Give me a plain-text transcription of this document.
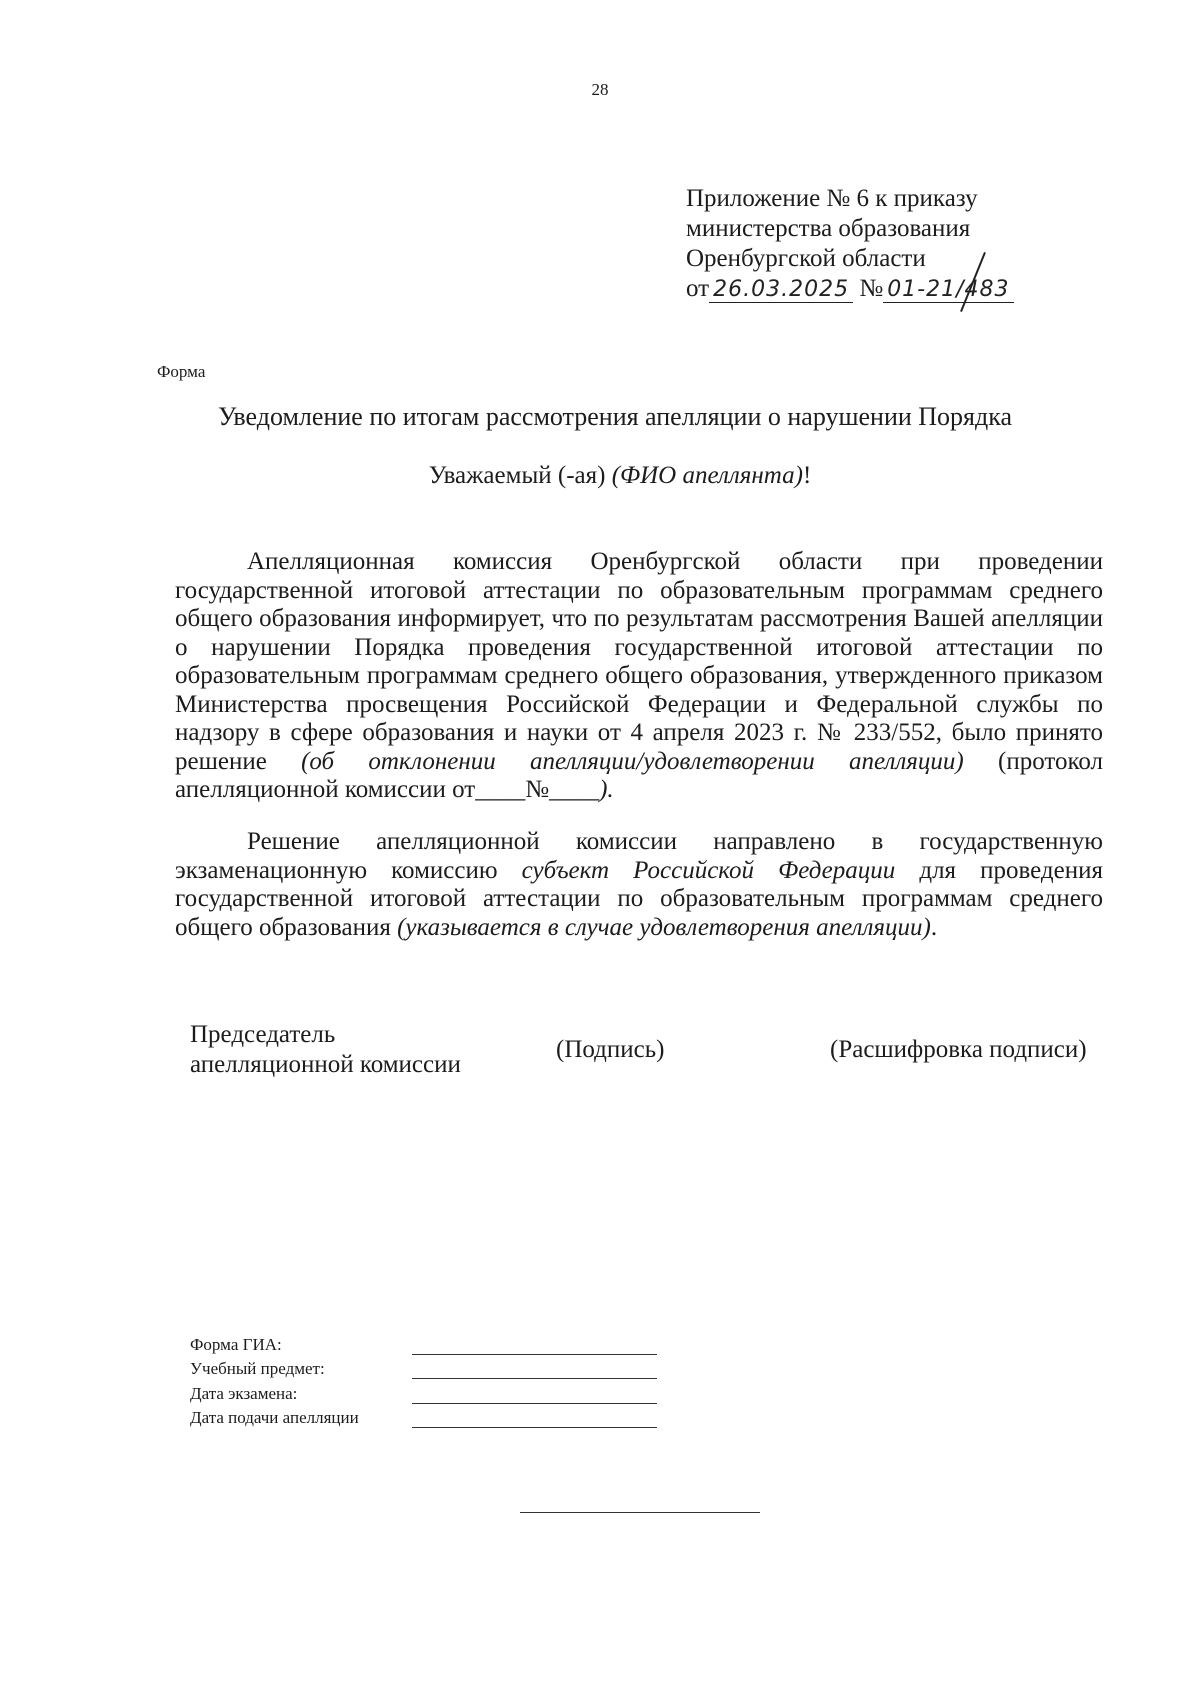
28
Приложение № 6 к приказу
министерства образования
Оренбургской области
от 26.03.2025 № 01-21/483
Форма
Уведомление по итогам рассмотрения апелляции о нарушении Порядка
Уважаемый (-ая) (ФИО апеллянта)!

Апелляционная комиссия Оренбургской области при проведении государственной итоговой аттестации по образовательным программам среднего общего образования информирует, что по результатам рассмотрения Вашей апелляции о нарушении Порядка проведения государственной итоговой аттестации по образовательным программам среднего общего образования, утвержденного приказом Министерства просвещения Российской Федерации и Федеральной службы по надзору в сфере образования и науки от 4 апреля 2023 г. № 233/552, было принято решение (об отклонении апелляции/удовлетворении апелляции) (протокол апелляционной комиссии от____№____).

Решение апелляционной комиссии направлено в государственную экзаменационную комиссию субъект Российской Федерации для проведения государственной итоговой аттестации по образовательным программам среднего общего образования (указывается в случае удовлетворения апелляции).

Председатель
апелляционной комиссии
(Подпись)	(Расшифровка подписи)
Форма ГИА:
Учебный предмет:
Дата экзамена:
Дата подачи апелляции
